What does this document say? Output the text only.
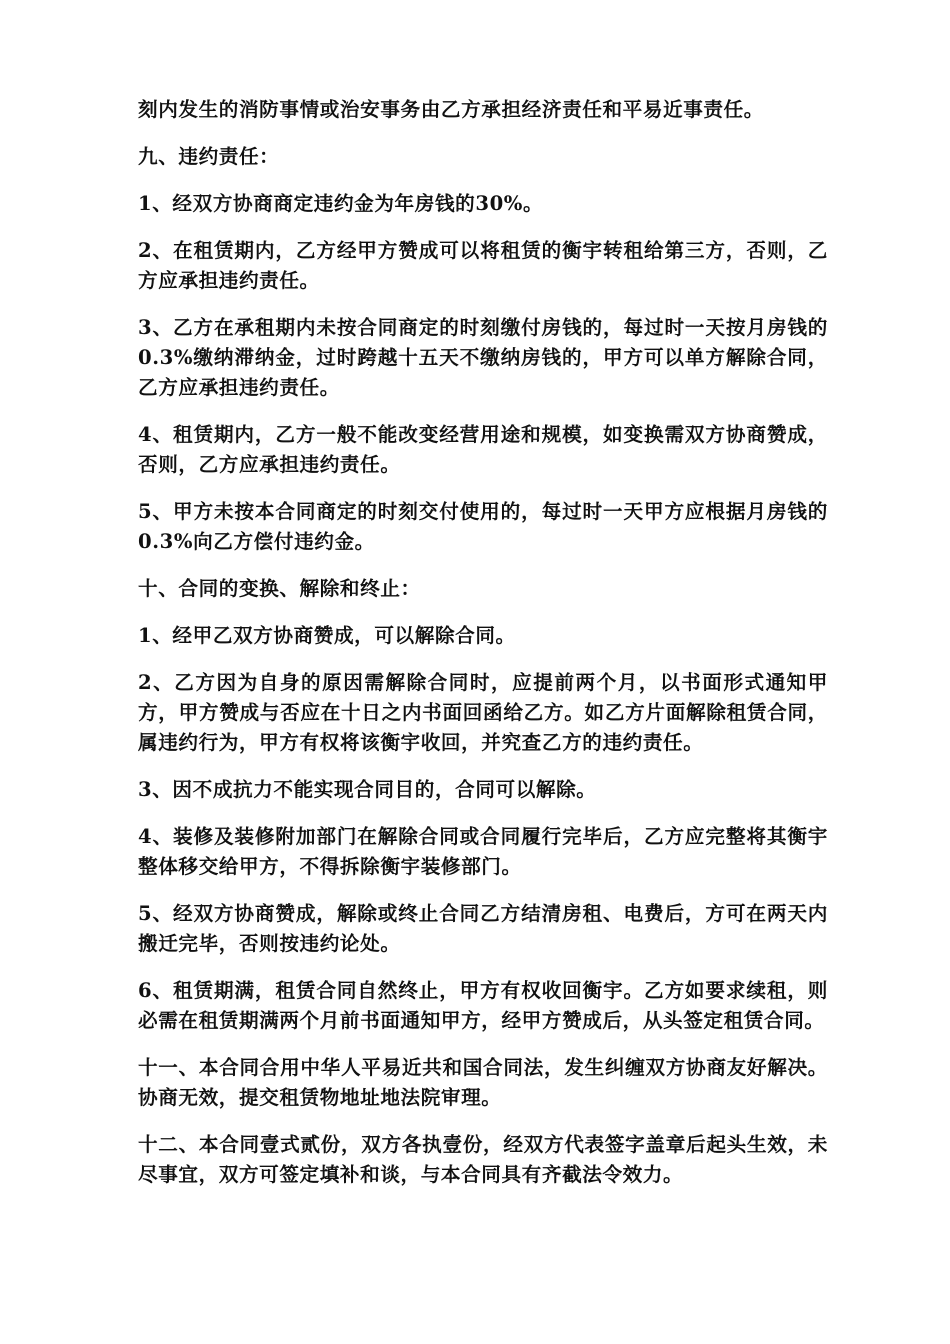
刻内发生的消防事情或治安事务由乙方承担经济责任和平易近事责任。

九、违约责任：

1、经双方协商商定违约金为年房钱的30%。

2、在租赁期内，乙方经甲方赞成可以将租赁的衡宇转租给第三方，否则，乙方应承担违约责任。

3、乙方在承租期内未按合同商定的时刻缴付房钱的，每过时一天按月房钱的0.3%缴纳滞纳金，过时跨越十五天不缴纳房钱的，甲方可以单方解除合同，乙方应承担违约责任。

4、租赁期内，乙方一般不能改变经营用途和规模，如变换需双方协商赞成，否则，乙方应承担违约责任。

5、甲方未按本合同商定的时刻交付使用的，每过时一天甲方应根据月房钱的0.3%向乙方偿付违约金。

十、合同的变换、解除和终止：

1、经甲乙双方协商赞成，可以解除合同。

2、乙方因为自身的原因需解除合同时，应提前两个月，以书面形式通知甲方，甲方赞成与否应在十日之内书面回函给乙方。如乙方片面解除租赁合同，属违约行为，甲方有权将该衡宇收回，并究查乙方的违约责任。

3、因不成抗力不能实现合同目的，合同可以解除。

4、装修及装修附加部门在解除合同或合同履行完毕后，乙方应完整将其衡宇整体移交给甲方，不得拆除衡宇装修部门。

5、经双方协商赞成，解除或终止合同乙方结清房租、电费后，方可在两天内搬迁完毕，否则按违约论处。

6、租赁期满，租赁合同自然终止，甲方有权收回衡宇。乙方如要求续租，则必需在租赁期满两个月前书面通知甲方，经甲方赞成后，从头签定租赁合同。

十一、本合同合用中华人平易近共和国合同法，发生纠缠双方协商友好解决。协商无效，提交租赁物地址地法院审理。

十二、本合同壹式贰份，双方各执壹份，经双方代表签字盖章后起头生效，未尽事宜，双方可签定填补和谈，与本合同具有齐截法令效力。
